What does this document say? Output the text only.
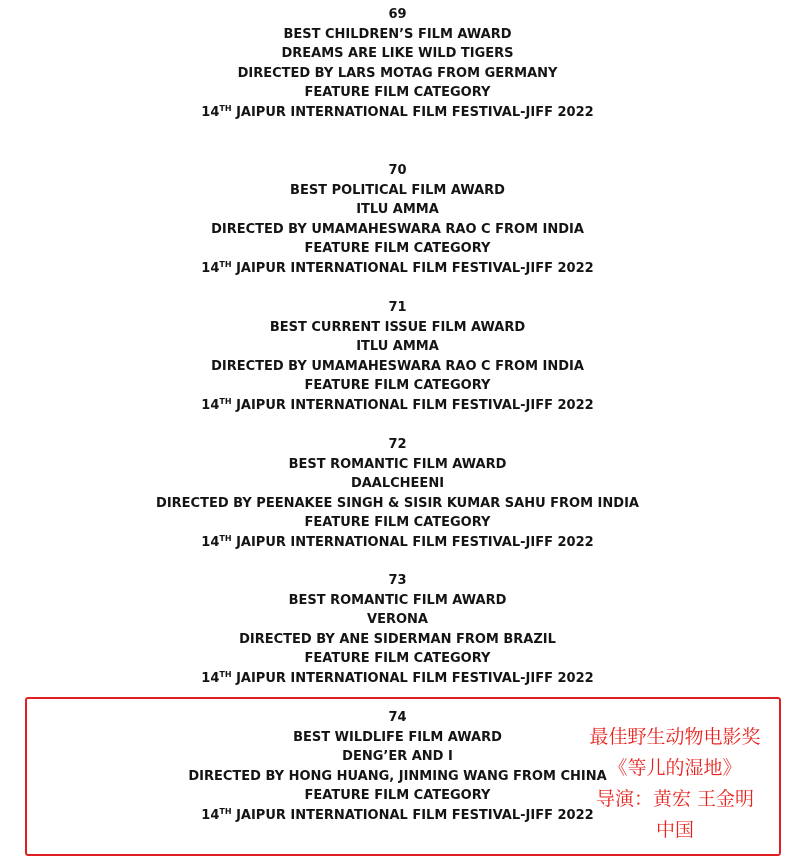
69
BEST CHILDREN’S FILM AWARD
DREAMS ARE LIKE WILD TIGERS
DIRECTED BY LARS MOTAG FROM GERMANY
FEATURE FILM CATEGORY
14TH JAIPUR INTERNATIONAL FILM FESTIVAL-JIFF 2022
70
BEST POLITICAL FILM AWARD
ITLU AMMA
DIRECTED BY UMAMAHESWARA RAO C FROM INDIA
FEATURE FILM CATEGORY
14TH JAIPUR INTERNATIONAL FILM FESTIVAL-JIFF 2022
71
BEST CURRENT ISSUE FILM AWARD
ITLU AMMA
DIRECTED BY UMAMAHESWARA RAO C FROM INDIA
FEATURE FILM CATEGORY
14TH JAIPUR INTERNATIONAL FILM FESTIVAL-JIFF 2022
72
BEST ROMANTIC FILM AWARD
DAALCHEENI
DIRECTED BY PEENAKEE SINGH & SISIR KUMAR SAHU FROM INDIA
FEATURE FILM CATEGORY
14TH JAIPUR INTERNATIONAL FILM FESTIVAL-JIFF 2022
73
BEST ROMANTIC FILM AWARD
VERONA
DIRECTED BY ANE SIDERMAN FROM BRAZIL
FEATURE FILM CATEGORY
14TH JAIPUR INTERNATIONAL FILM FESTIVAL-JIFF 2022
74
BEST WILDLIFE FILM AWARD
DENG’ER AND I
DIRECTED BY HONG HUANG, JINMING WANG FROM CHINA
FEATURE FILM CATEGORY
14TH JAIPUR INTERNATIONAL FILM FESTIVAL-JIFF 2022
最佳野生动物电影奖
《等儿的湿地》
导演：黄宏 王金明
中国
